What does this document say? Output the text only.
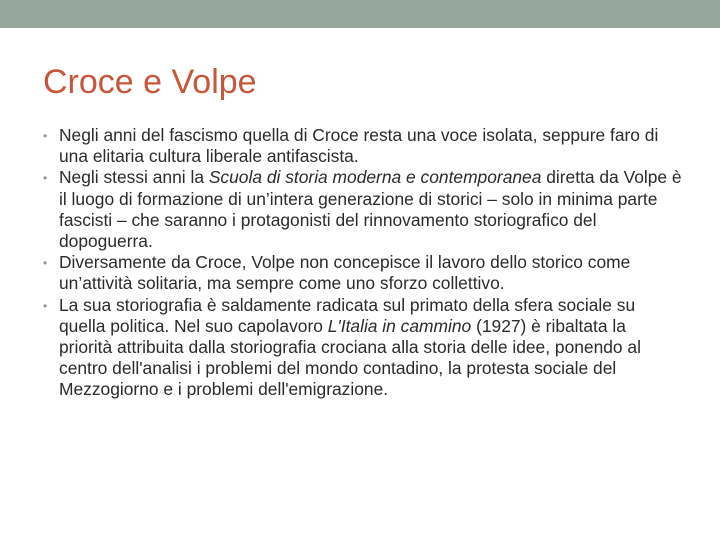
Croce e Volpe
• Negli anni del fascismo quella di Croce resta una voce isolata, seppure faro di una elitaria cultura liberale antifascista.
• Negli stessi anni la Scuola di storia moderna e contemporanea diretta da Volpe è il luogo di formazione di un’intera generazione di storici – solo in minima parte fascisti – che saranno i protagonisti del rinnovamento storiografico del dopoguerra.
• Diversamente da Croce, Volpe non concepisce il lavoro dello storico come un’attività solitaria, ma sempre come uno sforzo collettivo.
• La sua storiografia è saldamente radicata sul primato della sfera sociale su quella politica. Nel suo capolavoro L'Italia in cammino (1927) è ribaltata la priorità attribuita dalla storiografia crociana alla storia delle idee, ponendo al centro dell'analisi i problemi del mondo contadino, la protesta sociale del Mezzogiorno e i problemi dell'emigrazione.
